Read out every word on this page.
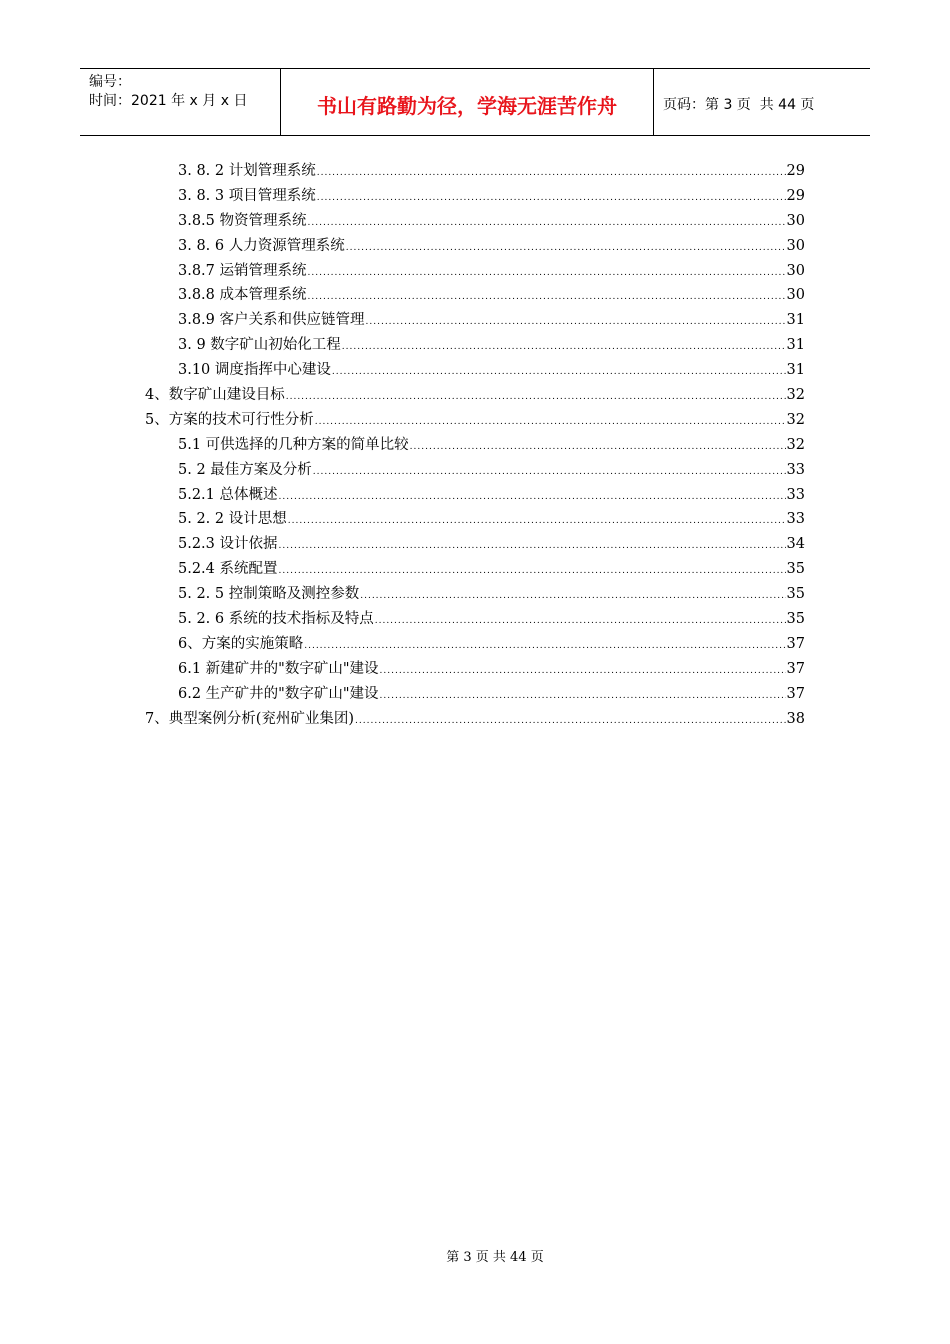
编号：
时间：2021 年 x 月 x 日	书山有路勤为径，学海无涯苦作舟	页码：第 3 页  共 44 页
3. 8. 2 计划管理系统 .....	29
3. 8. 3 项目管理系统 .....	29
3.8.5 物资管理系统 .....	30
3. 8. 6 人力资源管理系统 .....	30
3.8.7 运销管理系统 .....	30
3.8.8 成本管理系统 .....	30
3.8.9 客户关系和供应链管理 .....	31
3. 9 数字矿山初始化工程 .....	31
3.10 调度指挥中心建设 .....	31
4、数字矿山建设目标 .....	32
5、方案的技术可行性分析 .....	32
5.1 可供选择的几种方案的简单比较 .....	32
5. 2 最佳方案及分析 .....	33
5.2.1 总体概述 .....	33
5. 2. 2 设计思想 .....	33
5.2.3 设计依据 .....	34
5.2.4 系统配置 .....	35
5. 2. 5 控制策略及测控参数 .....	35
5. 2. 6 系统的技术指标及特点 .....	35
6、方案的实施策略 .....	37
6.1 新建矿井的"数字矿山"建设 .....	37
6.2 生产矿井的"数字矿山"建设 .....	37
7、典型案例分析(兖州矿业集团) .....	38
第 3 页 共 44 页
